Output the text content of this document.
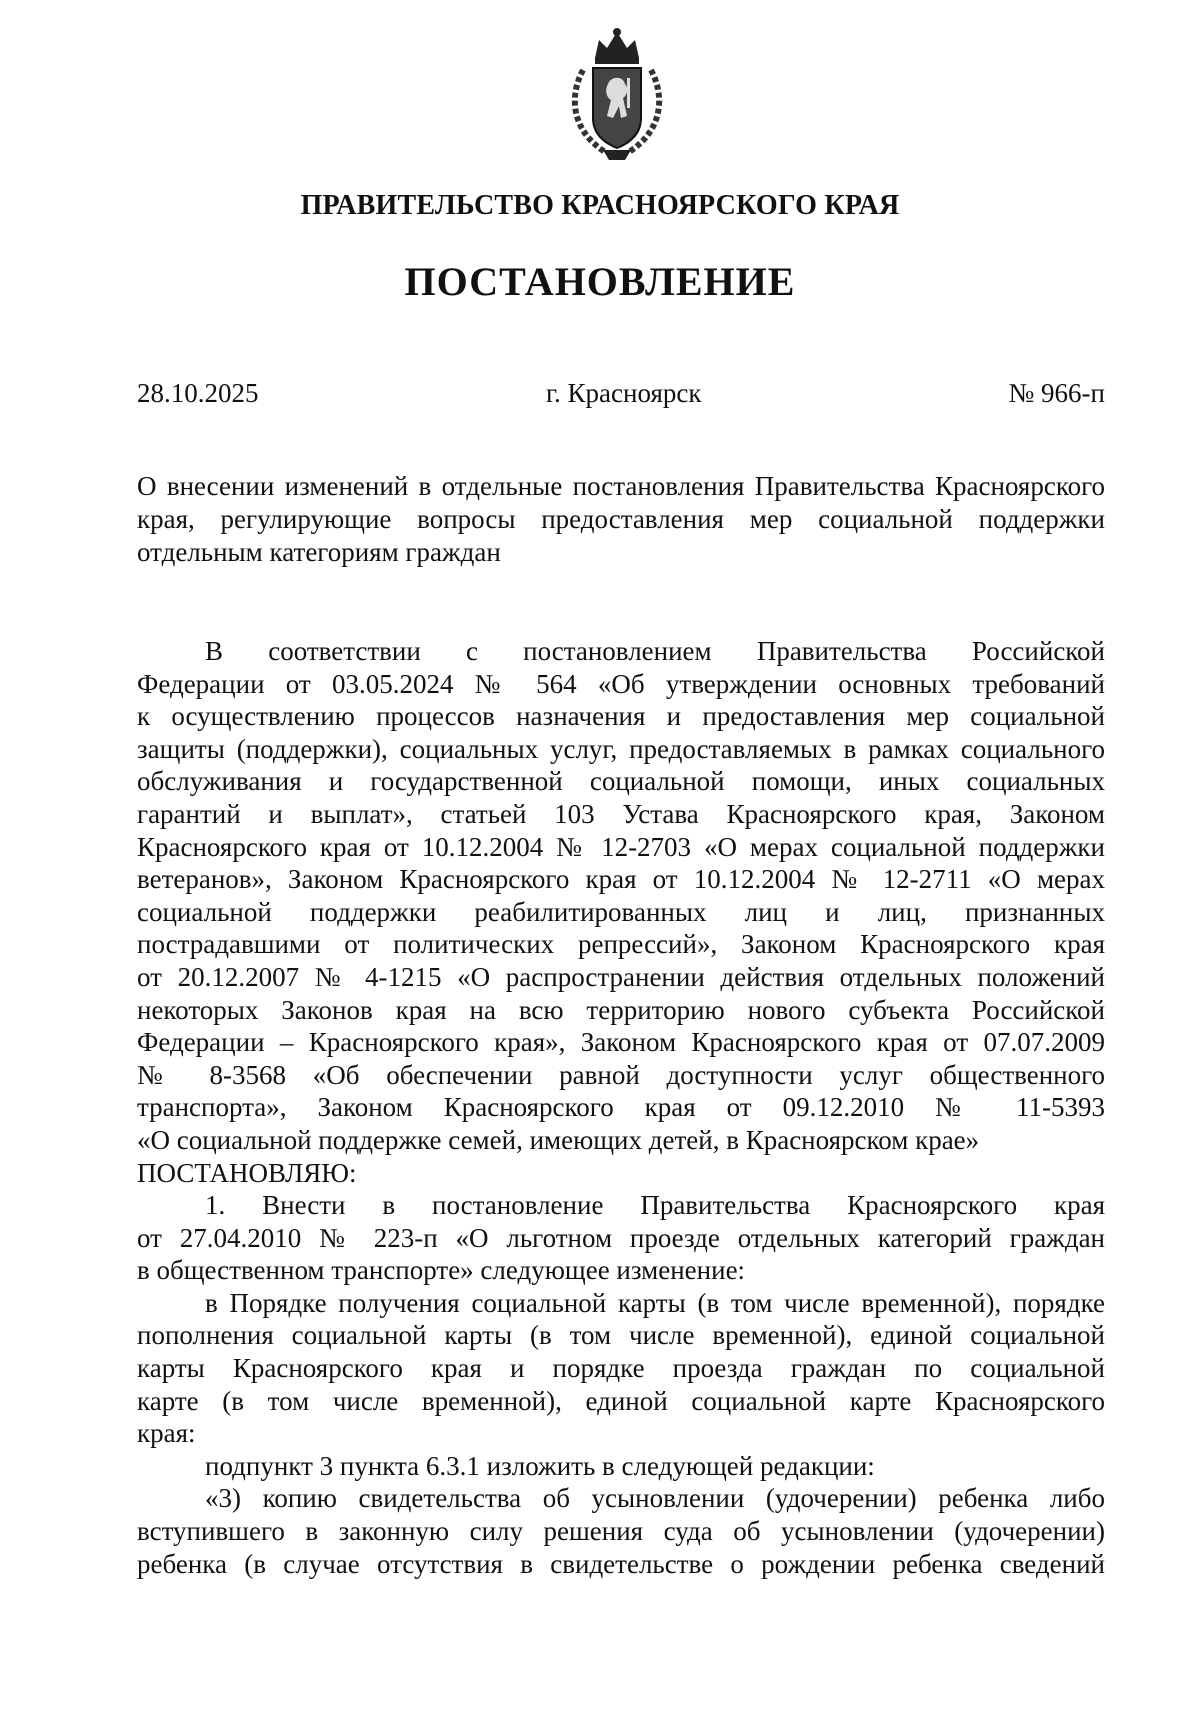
ПРАВИТЕЛЬСТВО КРАСНОЯРСКОГО КРАЯ
ПОСТАНОВЛЕНИЕ
28.10.2025	г. Красноярск	№ 966-п
О внесении изменений в отдельные постановления Правительства Красноярского края, регулирующие вопросы предоставления мер социальной поддержки отдельным категориям граждан

В соответствии с постановлением Правительства Российской

Федерации от 03.05.2024 № 564 «Об утверждении основных требований

к осуществлению процессов назначения и предоставления мер социальной

защиты (поддержки), социальных услуг, предоставляемых в рамках социального

обслуживания и государственной социальной помощи, иных социальных

гарантий и выплат», статьей 103 Устава Красноярского края, Законом

Красноярского края от 10.12.2004 № 12-2703 «О мерах социальной поддержки

ветеранов», Законом Красноярского края от 10.12.2004 № 12-2711 «О мерах

социальной поддержки реабилитированных лиц и лиц, признанных

пострадавшими от политических репрессий», Законом Красноярского края

от 20.12.2007 № 4-1215 «О распространении действия отдельных положений

некоторых Законов края на всю территорию нового субъекта Российской

Федерации – Красноярского края», Законом Красноярского края от 07.07.2009

№ 8-3568 «Об обеспечении равной доступности услуг общественного

транспорта», Законом Красноярского края от 09.12.2010 № 11-5393

«О социальной поддержке семей, имеющих детей, в Красноярском крае»

ПОСТАНОВЛЯЮ:

1. Внести в постановление Правительства Красноярского края

от 27.04.2010 № 223-п «О льготном проезде отдельных категорий граждан

в общественном транспорте» следующее изменение:

в Порядке получения социальной карты (в том числе временной), порядке

пополнения социальной карты (в том числе временной), единой социальной

карты Красноярского края и порядке проезда граждан по социальной

карте (в том числе временной), единой социальной карте Красноярского

края:

подпункт 3 пункта 6.3.1 изложить в следующей редакции:

«3) копию свидетельства об усыновлении (удочерении) ребенка либо

вступившего в законную силу решения суда об усыновлении (удочерении)

ребенка (в случае отсутствия в свидетельстве о рождении ребенка сведений
